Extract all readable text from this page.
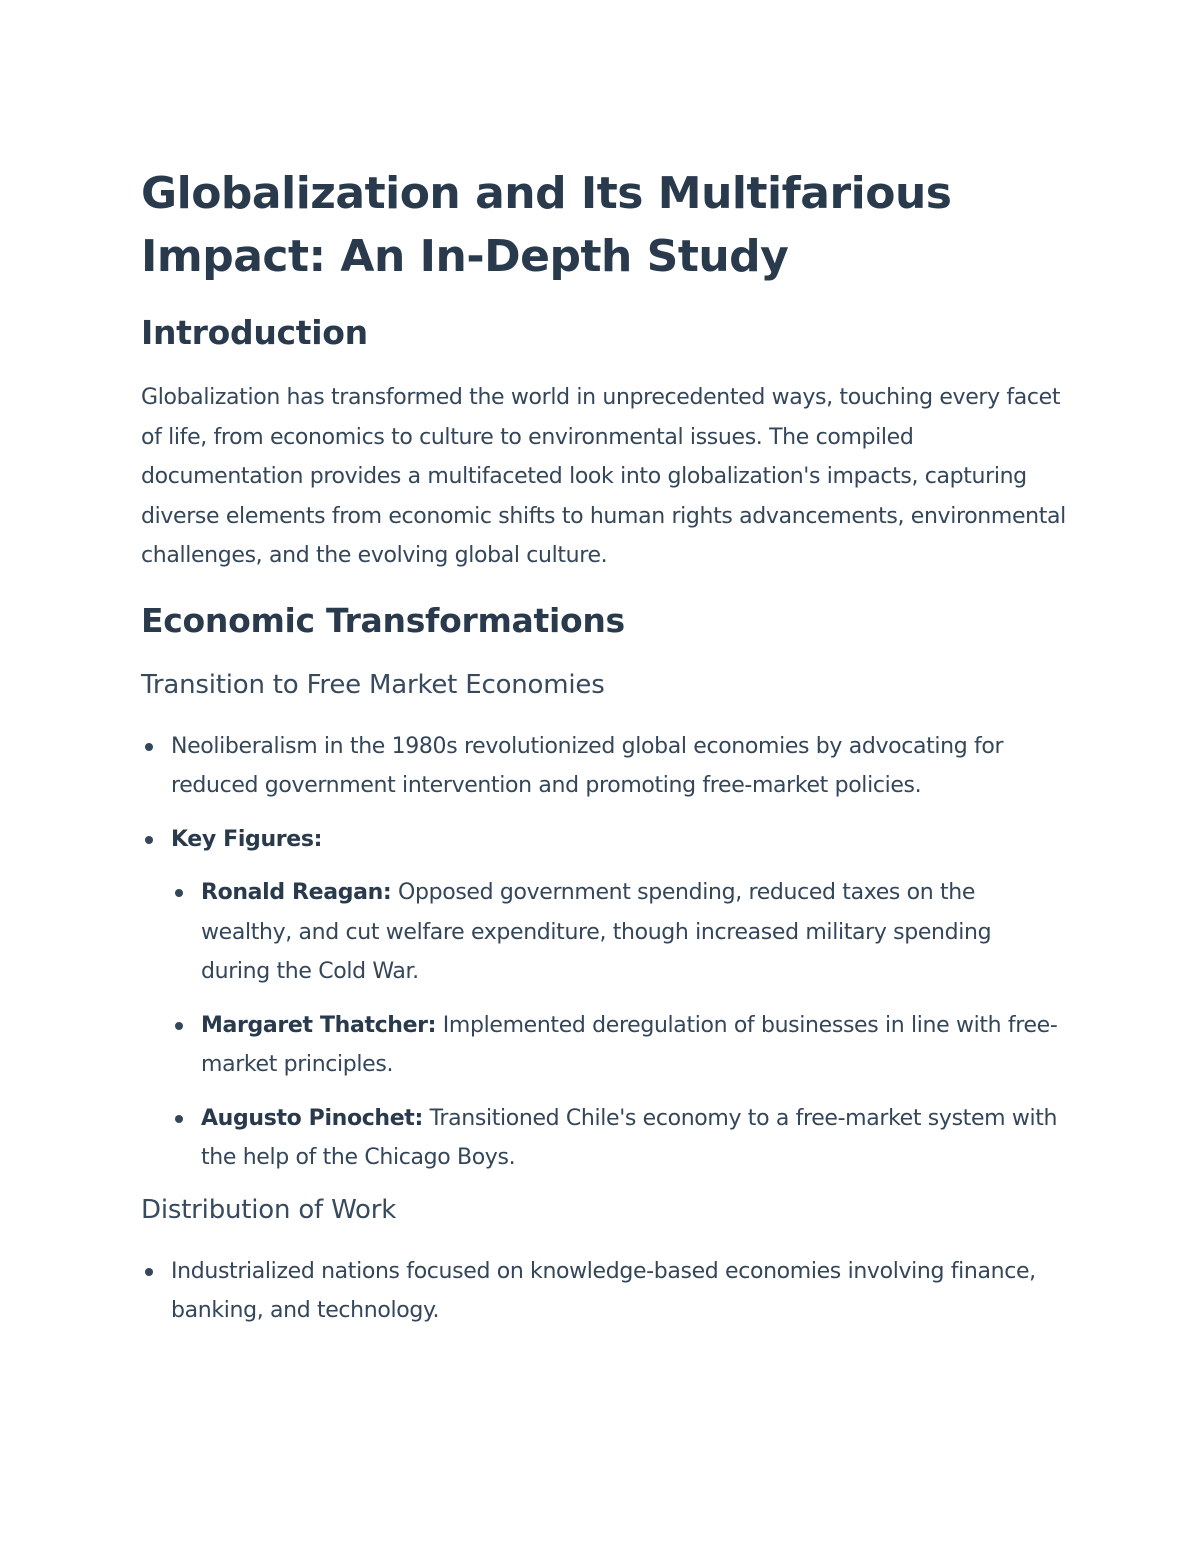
Globalization and Its Multifarious Impact: An In-Depth Study
Introduction

Globalization has transformed the world in unprecedented ways, touching every facet of life, from economics to culture to environmental issues. The compiled documentation provides a multifaceted look into globalization's impacts, capturing diverse elements from economic shifts to human rights advancements, environmental challenges, and the evolving global culture.

Economic Transformations
Transition to Free Market Economies
Neoliberalism in the 1980s revolutionized global economies by advocating for reduced government intervention and promoting free-market policies.
Key Figures:
Ronald Reagan: Opposed government spending, reduced taxes on the wealthy, and cut welfare expenditure, though increased military spending during the Cold War.
Margaret Thatcher: Implemented deregulation of businesses in line with free-market principles.
Augusto Pinochet: Transitioned Chile's economy to a free-market system with the help of the Chicago Boys.
Distribution of Work
Industrialized nations focused on knowledge-based economies involving finance, banking, and technology.
